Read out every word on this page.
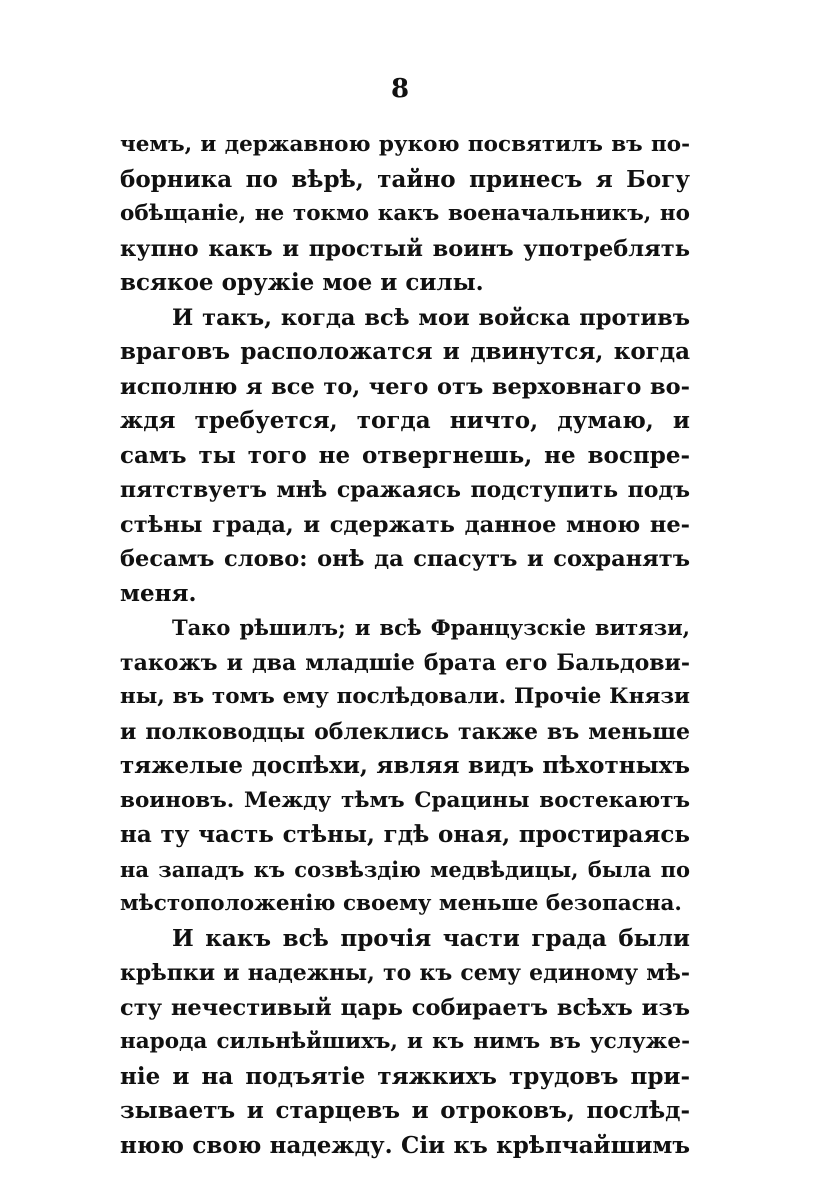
8
чемъ, и державною рукою посвятилъ въ по-
борника по вѣрѣ, тайно принесъ я Богу
обѣщаніе, не токмо какъ военачальникъ, но
купно какъ и простый воинъ употреблять
всякое оружіе мое и силы.
И такъ, когда всѣ мои войска противъ
враговъ расположатся и двинутся, когда
исполню я все то, чего отъ верховнаго во-
ждя требуется, тогда ничто, думаю, и
самъ ты того не отвергнешь, не воспре-
пятствуетъ мнѣ сражаясь подступить подъ
стѣны града, и сдержать данное мною не-
бесамъ слово: онѣ да спасутъ и сохранятъ
меня.
Тако рѣшилъ; и всѣ Французскіе витязи,
такожъ и два младшіе брата его Бальдови-
ны, въ томъ ему послѣдовали. Прочіе Князи
и полководцы облеклись также въ меньше
тяжелые доспѣхи, являя видъ пѣхотныхъ
воиновъ. Между тѣмъ Срацины востекаютъ
на ту часть стѣны, гдѣ оная, простираясь
на западъ къ созвѣздію медвѣдицы, была по
мѣстоположенію своему меньше безопасна.
И какъ всѣ прочія части града были
крѣпки и надежны, то къ сему единому мѣ-
сту нечестивый царь собираетъ всѣхъ изъ
народа сильнѣйшихъ, и къ нимъ въ услуже-
ніе и на подъятіе тяжкихъ трудовъ при-
зываетъ и старцевъ и отроковъ, послѣд-
нюю свою надежду. Сіи къ крѣпчайшимъ
